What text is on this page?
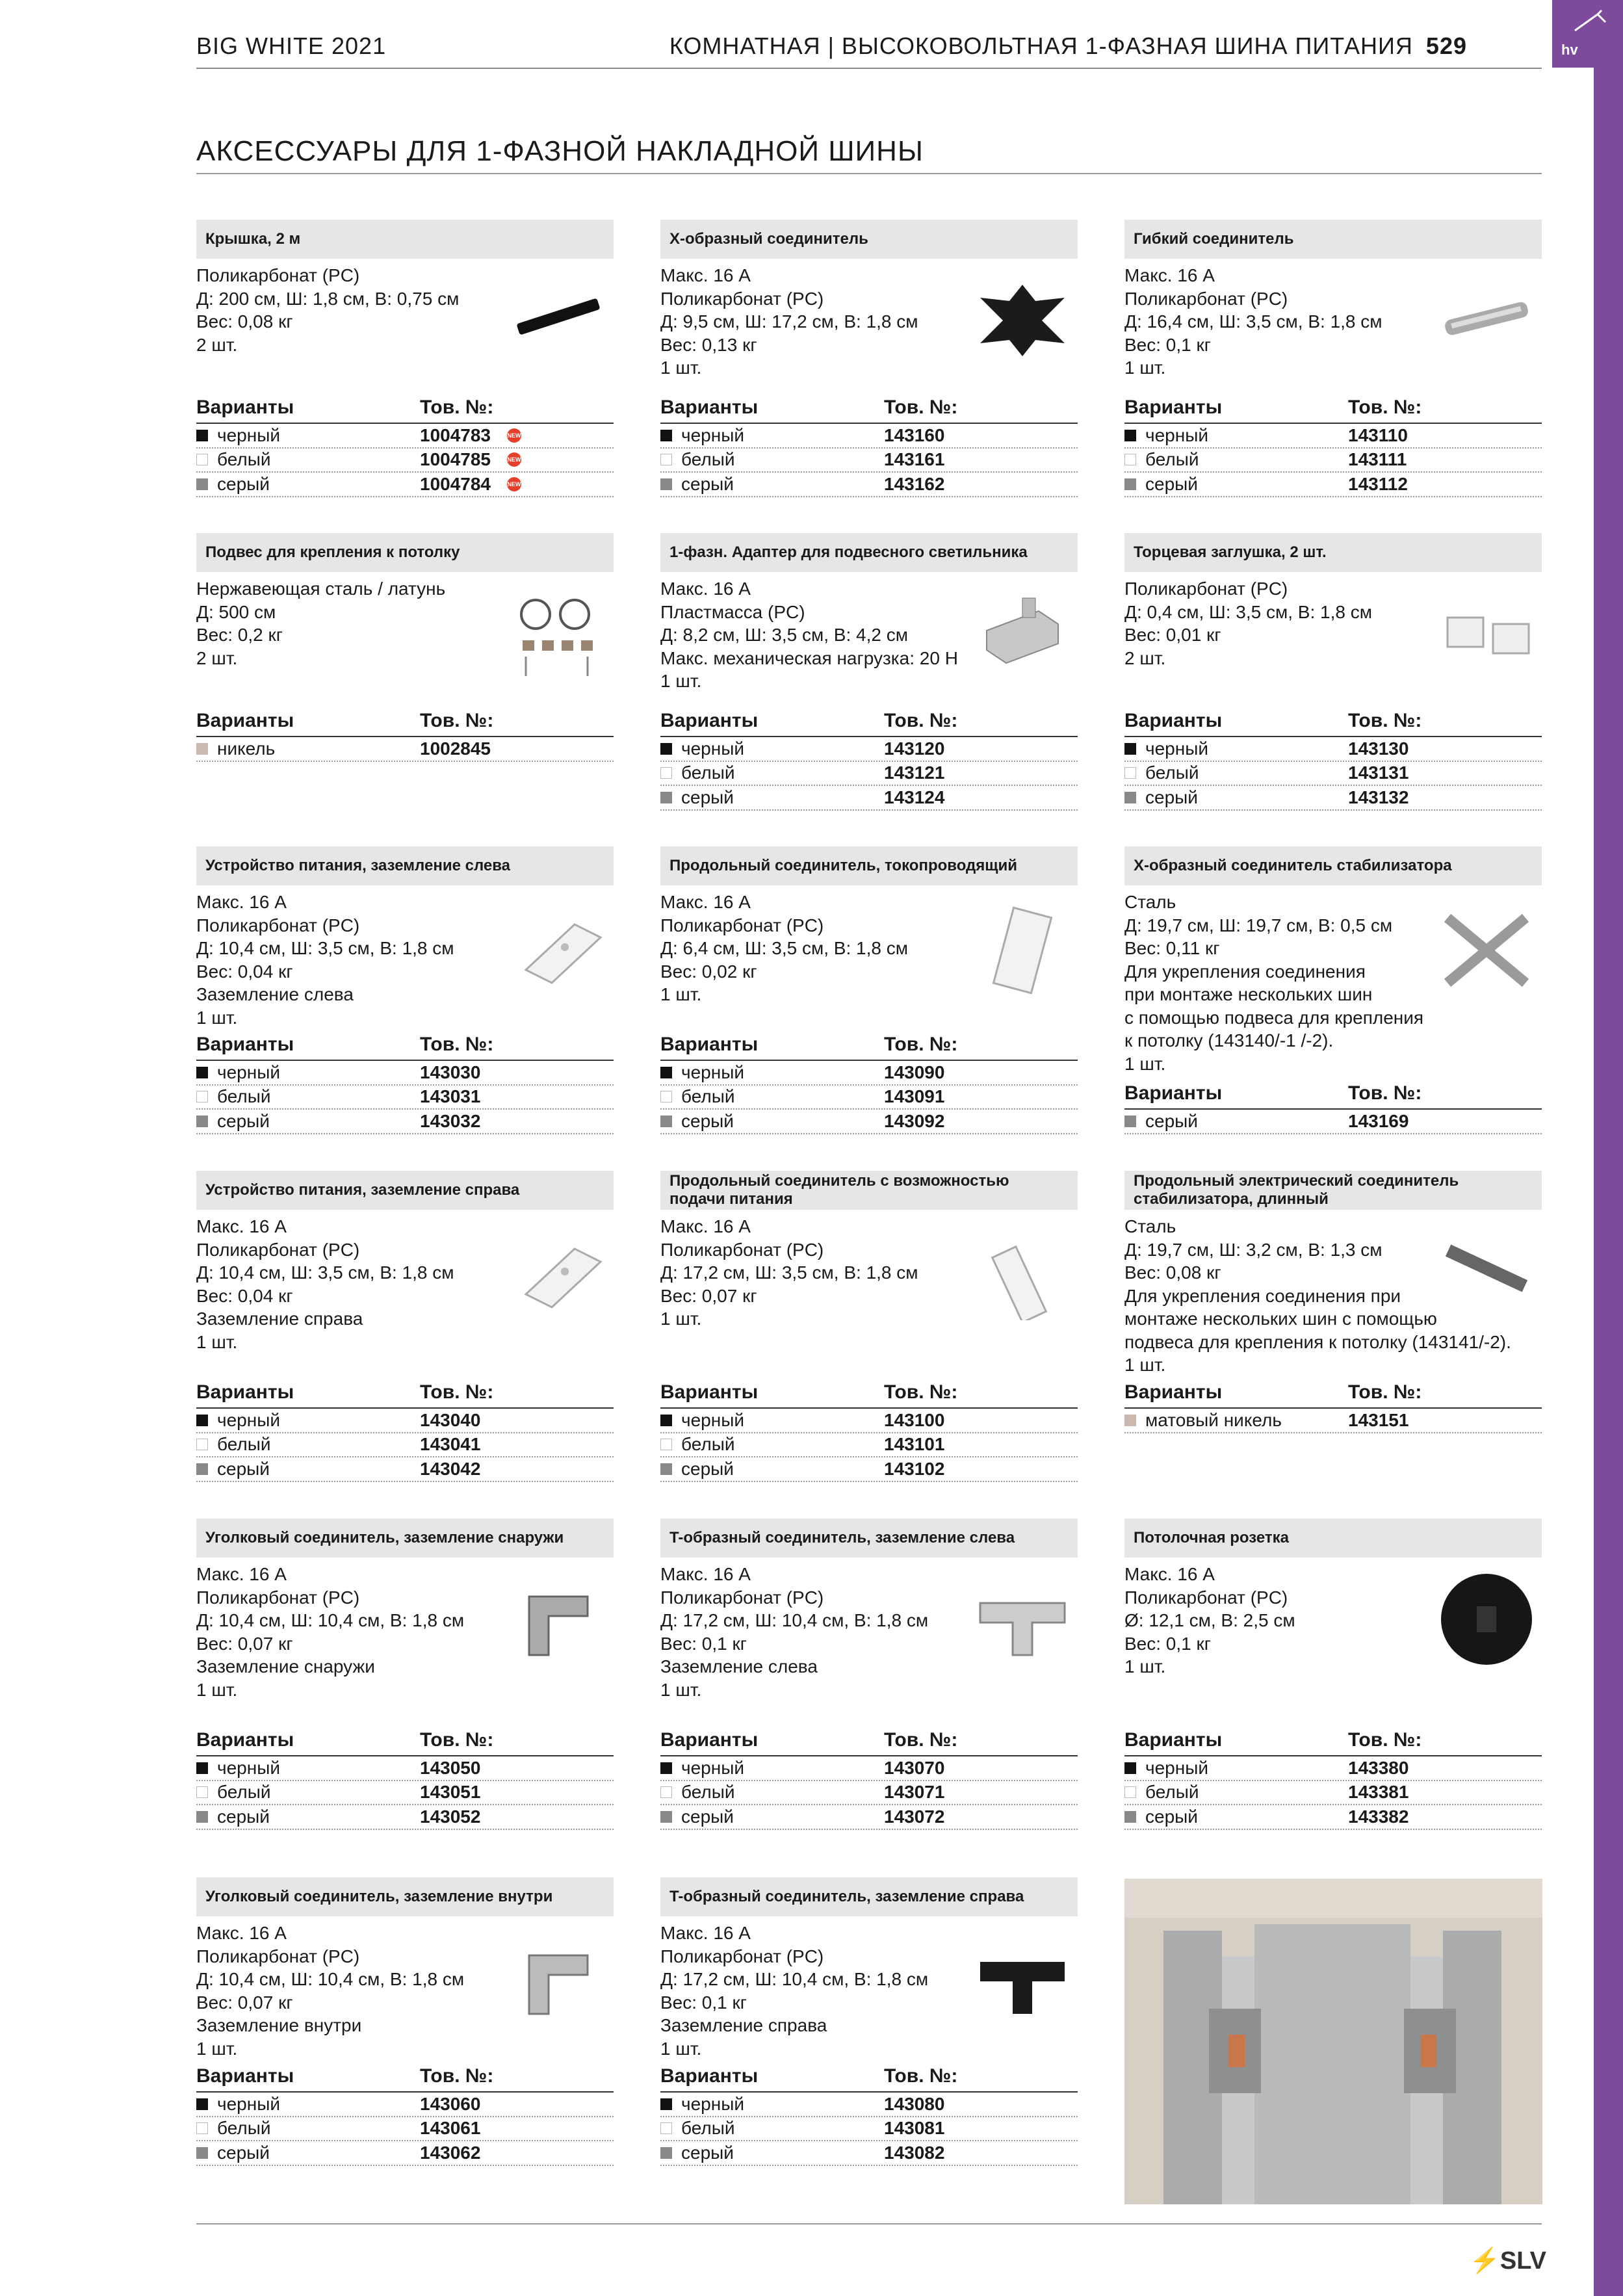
hv
BIG WHITE 2021	КОМНАТНАЯ | ВЫСОКОВОЛЬТНАЯ 1-ФАЗНАЯ ШИНА ПИТАНИЯ 529
АКСЕССУАРЫ ДЛЯ 1-ФАЗНОЙ НАКЛАДНОЙ ШИНЫ
Крышка, 2 м
Поликарбонат (PC)
Д: 200 см, Ш: 1,8 см, В: 0,75 см
Вес: 0,08 кг
2 шт.
Варианты	Тов. №:
черный	1004783	NEW
белый	1004785	NEW
серый	1004784	NEW
X-образный соединитель
Макс. 16 A
Поликарбонат (PC)
Д: 9,5 см, Ш: 17,2 см, В: 1,8 см
Вес: 0,13 кг
1 шт.
Варианты	Тов. №:
черный	143160
белый	143161
серый	143162
Гибкий соединитель
Макс. 16 A
Поликарбонат (PC)
Д: 16,4 см, Ш: 3,5 см, В: 1,8 см
Вес: 0,1 кг
1 шт.
Варианты	Тов. №:
черный	143110
белый	143111
серый	143112
Подвес для крепления к потолку
Нержавеющая сталь / латунь
Д: 500 см
Вес: 0,2 кг
2 шт.
Варианты	Тов. №:
никель	1002845
1-фазн. Адаптер для подвесного светильника
Макс. 16 A
Пластмасса (PC)
Д: 8,2 см, Ш: 3,5 см, В: 4,2 см
Макс. механическая нагрузка: 20 Н
1 шт.
Варианты	Тов. №:
черный	143120
белый	143121
серый	143124
Торцевая заглушка, 2 шт.
Поликарбонат (PC)
Д: 0,4 см, Ш: 3,5 см, В: 1,8 см
Вес: 0,01 кг
2 шт.
Варианты	Тов. №:
черный	143130
белый	143131
серый	143132
Устройство питания, заземление слева
Макс. 16 A
Поликарбонат (PC)
Д: 10,4 см, Ш: 3,5 см, В: 1,8 см
Вес: 0,04 кг
Заземление слева
1 шт.
Варианты	Тов. №:
черный	143030
белый	143031
серый	143032
Продольный соединитель, токопроводящий
Макс. 16 A
Поликарбонат (PC)
Д: 6,4 см, Ш: 3,5 см, В: 1,8 см
Вес: 0,02 кг
1 шт.
Варианты	Тов. №:
черный	143090
белый	143091
серый	143092
X-образный соединитель стабилизатора
Сталь
Д: 19,7 см, Ш: 19,7 см, В: 0,5 см
Вес: 0,11 кг
Для укрепления соединения
при монтаже нескольких шин
с помощью подвеса для крепления
к потолку (143140/-1 /-2).
1 шт.
Варианты	Тов. №:
серый	143169
Устройство питания, заземление справа
Макс. 16 A
Поликарбонат (PC)
Д: 10,4 см, Ш: 3,5 см, В: 1,8 см
Вес: 0,04 кг
Заземление справа
1 шт.
Варианты	Тов. №:
черный	143040
белый	143041
серый	143042
Продольный соединитель с возможностью подачи питания
Макс. 16 A
Поликарбонат (PC)
Д: 17,2 см, Ш: 3,5 см, В: 1,8 см
Вес: 0,07 кг
1 шт.
Варианты	Тов. №:
черный	143100
белый	143101
серый	143102
Продольный электрический соединитель стабилизатора, длинный
Сталь
Д: 19,7 см, Ш: 3,2 см, В: 1,3 см
Вес: 0,08 кг
Для укрепления соединения при
монтаже нескольких шин с помощью
подвеса для крепления к потолку (143141/-2).
1 шт.
Варианты	Тов. №:
матовый никель	143151
Уголковый соединитель, заземление снаружи
Макс. 16 A
Поликарбонат (PC)
Д: 10,4 см, Ш: 10,4 см, В: 1,8 см
Вес: 0,07 кг
Заземление снаружи
1 шт.
Варианты	Тов. №:
черный	143050
белый	143051
серый	143052
T-образный соединитель, заземление слева
Макс. 16 A
Поликарбонат (PC)
Д: 17,2 см, Ш: 10,4 см, В: 1,8 см
Вес: 0,1 кг
Заземление слева
1 шт.
Варианты	Тов. №:
черный	143070
белый	143071
серый	143072
Потолочная розетка
Макс. 16 A
Поликарбонат (PC)
Ø: 12,1 см, В: 2,5 см
Вес: 0,1 кг
1 шт.
Варианты	Тов. №:
черный	143380
белый	143381
серый	143382
Уголковый соединитель, заземление внутри
Макс. 16 A
Поликарбонат (PC)
Д: 10,4 см, Ш: 10,4 см, В: 1,8 см
Вес: 0,07 кг
Заземление внутри
1 шт.
Варианты	Тов. №:
черный	143060
белый	143061
серый	143062
T-образный соединитель, заземление справа
Макс. 16 A
Поликарбонат (PC)
Д: 17,2 см, Ш: 10,4 см, В: 1,8 см
Вес: 0,1 кг
Заземление справа
1 шт.
Варианты	Тов. №:
черный	143080
белый	143081
серый	143082
⚡SLV
